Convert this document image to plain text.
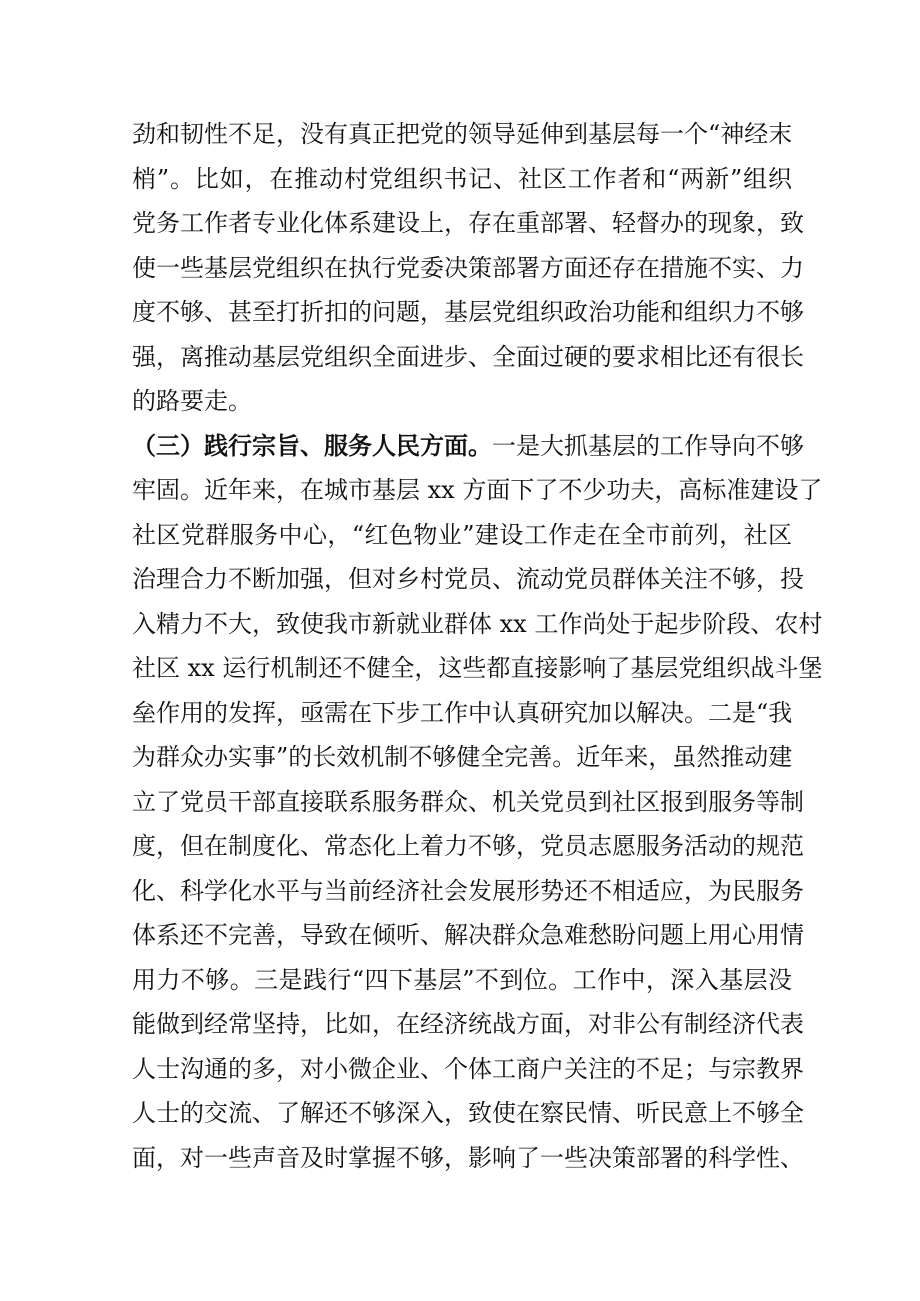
劲和韧性不足，没有真正把党的领导延伸到基层每一个“神经末
梢”。比如，在推动村党组织书记、社区工作者和“两新”组织
党务工作者专业化体系建设上，存在重部署、轻督办的现象，致
使一些基层党组织在执行党委决策部署方面还存在措施不实、力
度不够、甚至打折扣的问题，基层党组织政治功能和组织力不够
强，离推动基层党组织全面进步、全面过硬的要求相比还有很长
的路要走。
（三）践行宗旨、服务人民方面。一是大抓基层的工作导向不够
牢固。近年来，在城市基层 xx 方面下了不少功夫，高标准建设了
社区党群服务中心，“红色物业”建设工作走在全市前列，社区
治理合力不断加强，但对乡村党员、流动党员群体关注不够，投
入精力不大，致使我市新就业群体 xx 工作尚处于起步阶段、农村
社区 xx 运行机制还不健全，这些都直接影响了基层党组织战斗堡
垒作用的发挥，亟需在下步工作中认真研究加以解决。二是“我
为群众办实事”的长效机制不够健全完善。近年来，虽然推动建
立了党员干部直接联系服务群众、机关党员到社区报到服务等制
度，但在制度化、常态化上着力不够，党员志愿服务活动的规范
化、科学化水平与当前经济社会发展形势还不相适应，为民服务
体系还不完善，导致在倾听、解决群众急难愁盼问题上用心用情
用力不够。三是践行“四下基层”不到位。工作中，深入基层没
能做到经常坚持，比如，在经济统战方面，对非公有制经济代表
人士沟通的多，对小微企业、个体工商户关注的不足；与宗教界
人士的交流、了解还不够深入，致使在察民情、听民意上不够全
面，对一些声音及时掌握不够，影响了一些决策部署的科学性、
